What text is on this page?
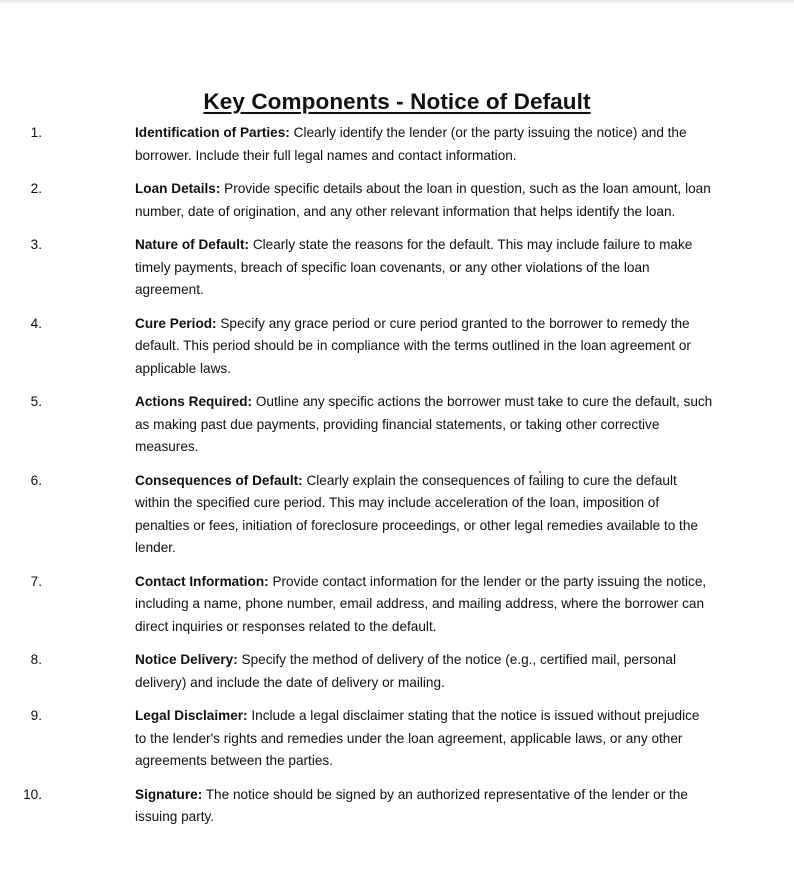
Key Components - Notice of Default
1.	Identification of Parties: Clearly identify the lender (or the party issuing the notice) and the borrower. Include their full legal names and contact information.
2.	Loan Details: Provide specific details about the loan in question, such as the loan amount, loan number, date of origination, and any other relevant information that helps identify the loan.
3.	Nature of Default: Clearly state the reasons for the default. This may include failure to make timely payments, breach of specific loan covenants, or any other violations of the loan agreement.
4.	Cure Period: Specify any grace period or cure period granted to the borrower to remedy the default. This period should be in compliance with the terms outlined in the loan agreement or applicable laws.
5.	Actions Required: Outline any specific actions the borrower must take to cure the default, such as making past due payments, providing financial statements, or taking other corrective measures.
6.	Consequences of Default: Clearly explain the consequences of failing to cure the default within the specified cure period. This may include acceleration of the loan, imposition of penalties or fees, initiation of foreclosure proceedings, or other legal remedies available to the lender.
7.	Contact Information: Provide contact information for the lender or the party issuing the notice, including a name, phone number, email address, and mailing address, where the borrower can direct inquiries or responses related to the default.
8.	Notice Delivery: Specify the method of delivery of the notice (e.g., certified mail, personal delivery) and include the date of delivery or mailing.
9.	Legal Disclaimer: Include a legal disclaimer stating that the notice is issued without prejudice to the lender's rights and remedies under the loan agreement, applicable laws, or any other agreements between the parties.
10.	Signature: The notice should be signed by an authorized representative of the lender or the issuing party.
